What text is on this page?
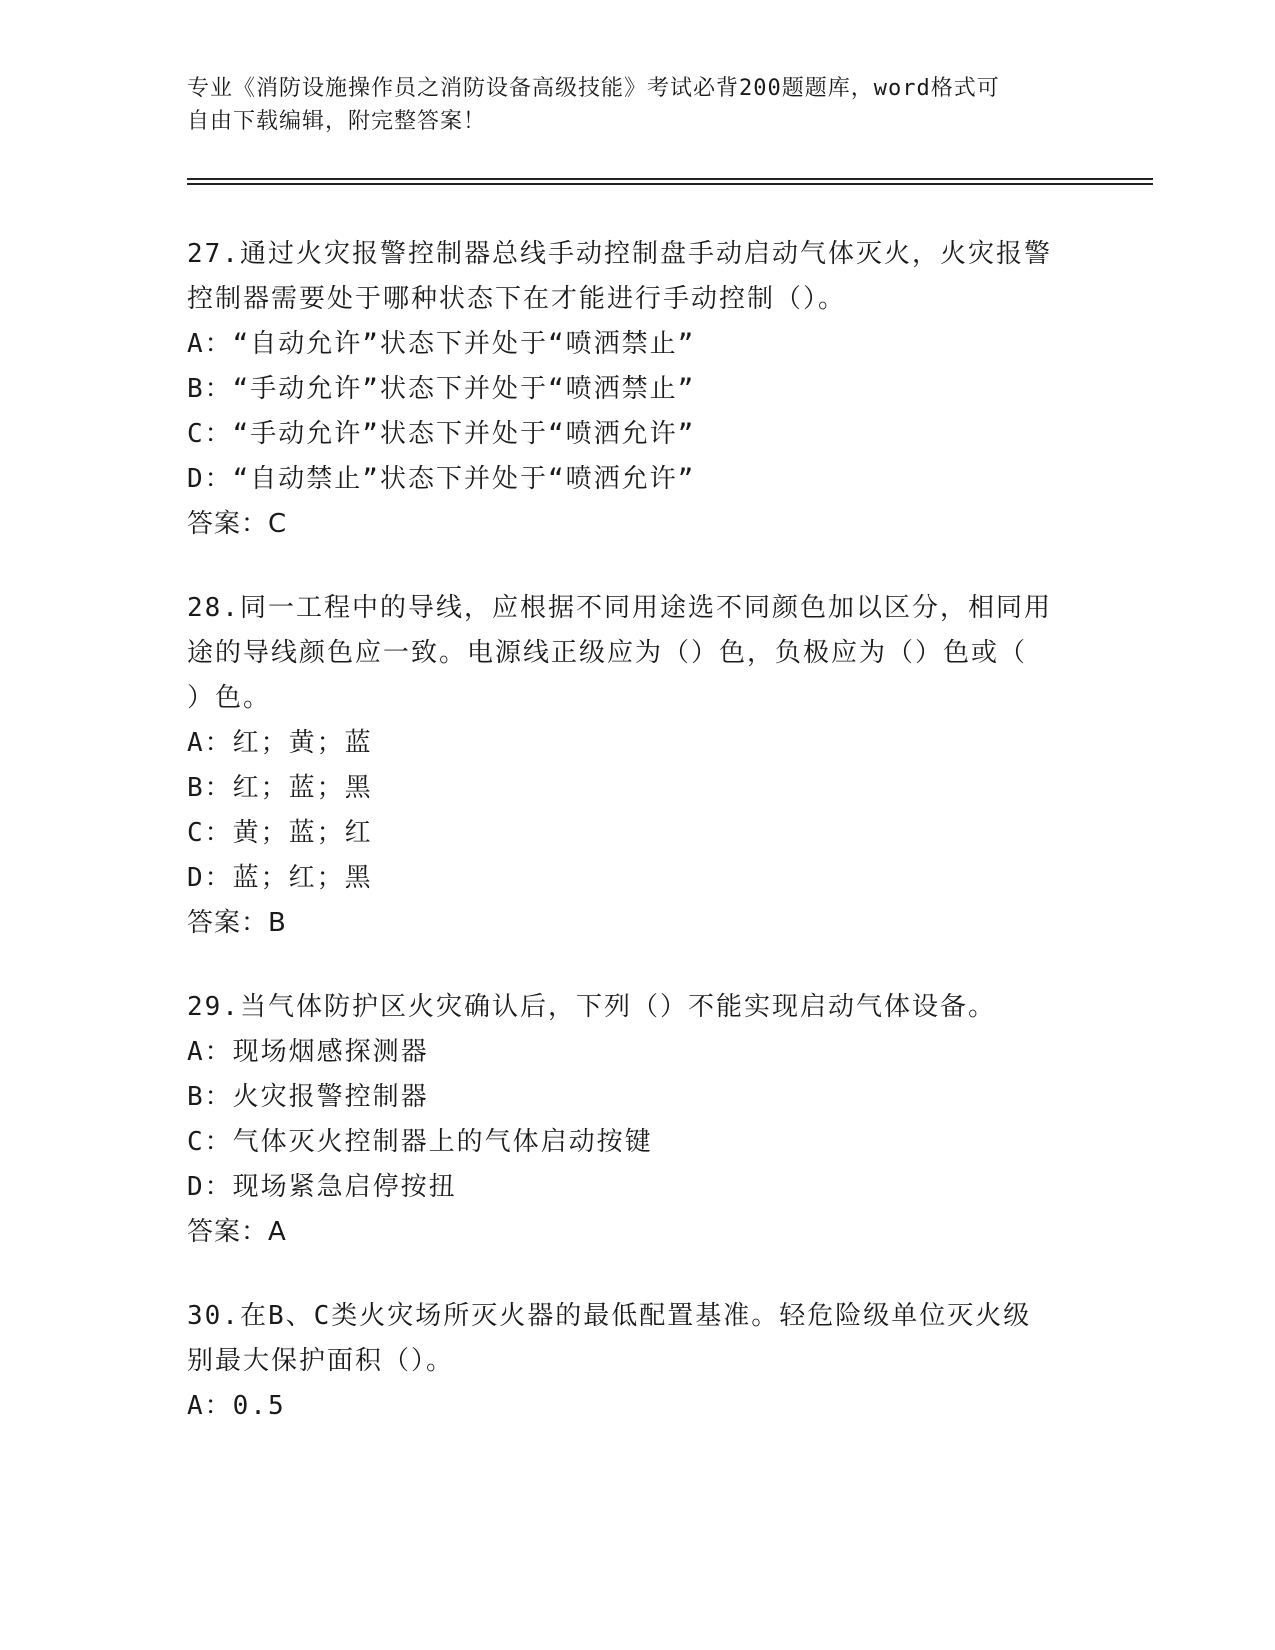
专业《消防设施操作员之消防设备高级技能》考试必背200题题库，word格式可
自由下载编辑，附完整答案！

27.通过火灾报警控制器总线手动控制盘手动启动气体灭火，火灾报警

控制器需要处于哪种状态下在才能进行手动控制（）。

A：“自动允许”状态下并处于“喷洒禁止”

B：“手动允许”状态下并处于“喷洒禁止”

C：“手动允许”状态下并处于“喷洒允许”

D：“自动禁止”状态下并处于“喷洒允许”

答案：C

28.同一工程中的导线，应根据不同用途选不同颜色加以区分，相同用

途的导线颜色应一致。电源线正级应为（）色，负极应为（）色或（

）色。

A：红；黄；蓝

B：红；蓝；黑

C：黄；蓝；红

D：蓝；红；黑

答案：B

29.当气体防护区火灾确认后，下列（）不能实现启动气体设备。

A：现场烟感探测器

B：火灾报警控制器

C：气体灭火控制器上的气体启动按键

D：现场紧急启停按扭

答案：A

30.在B、C类火灾场所灭火器的最低配置基准。轻危险级单位灭火级

别最大保护面积（）。

A：0.5
